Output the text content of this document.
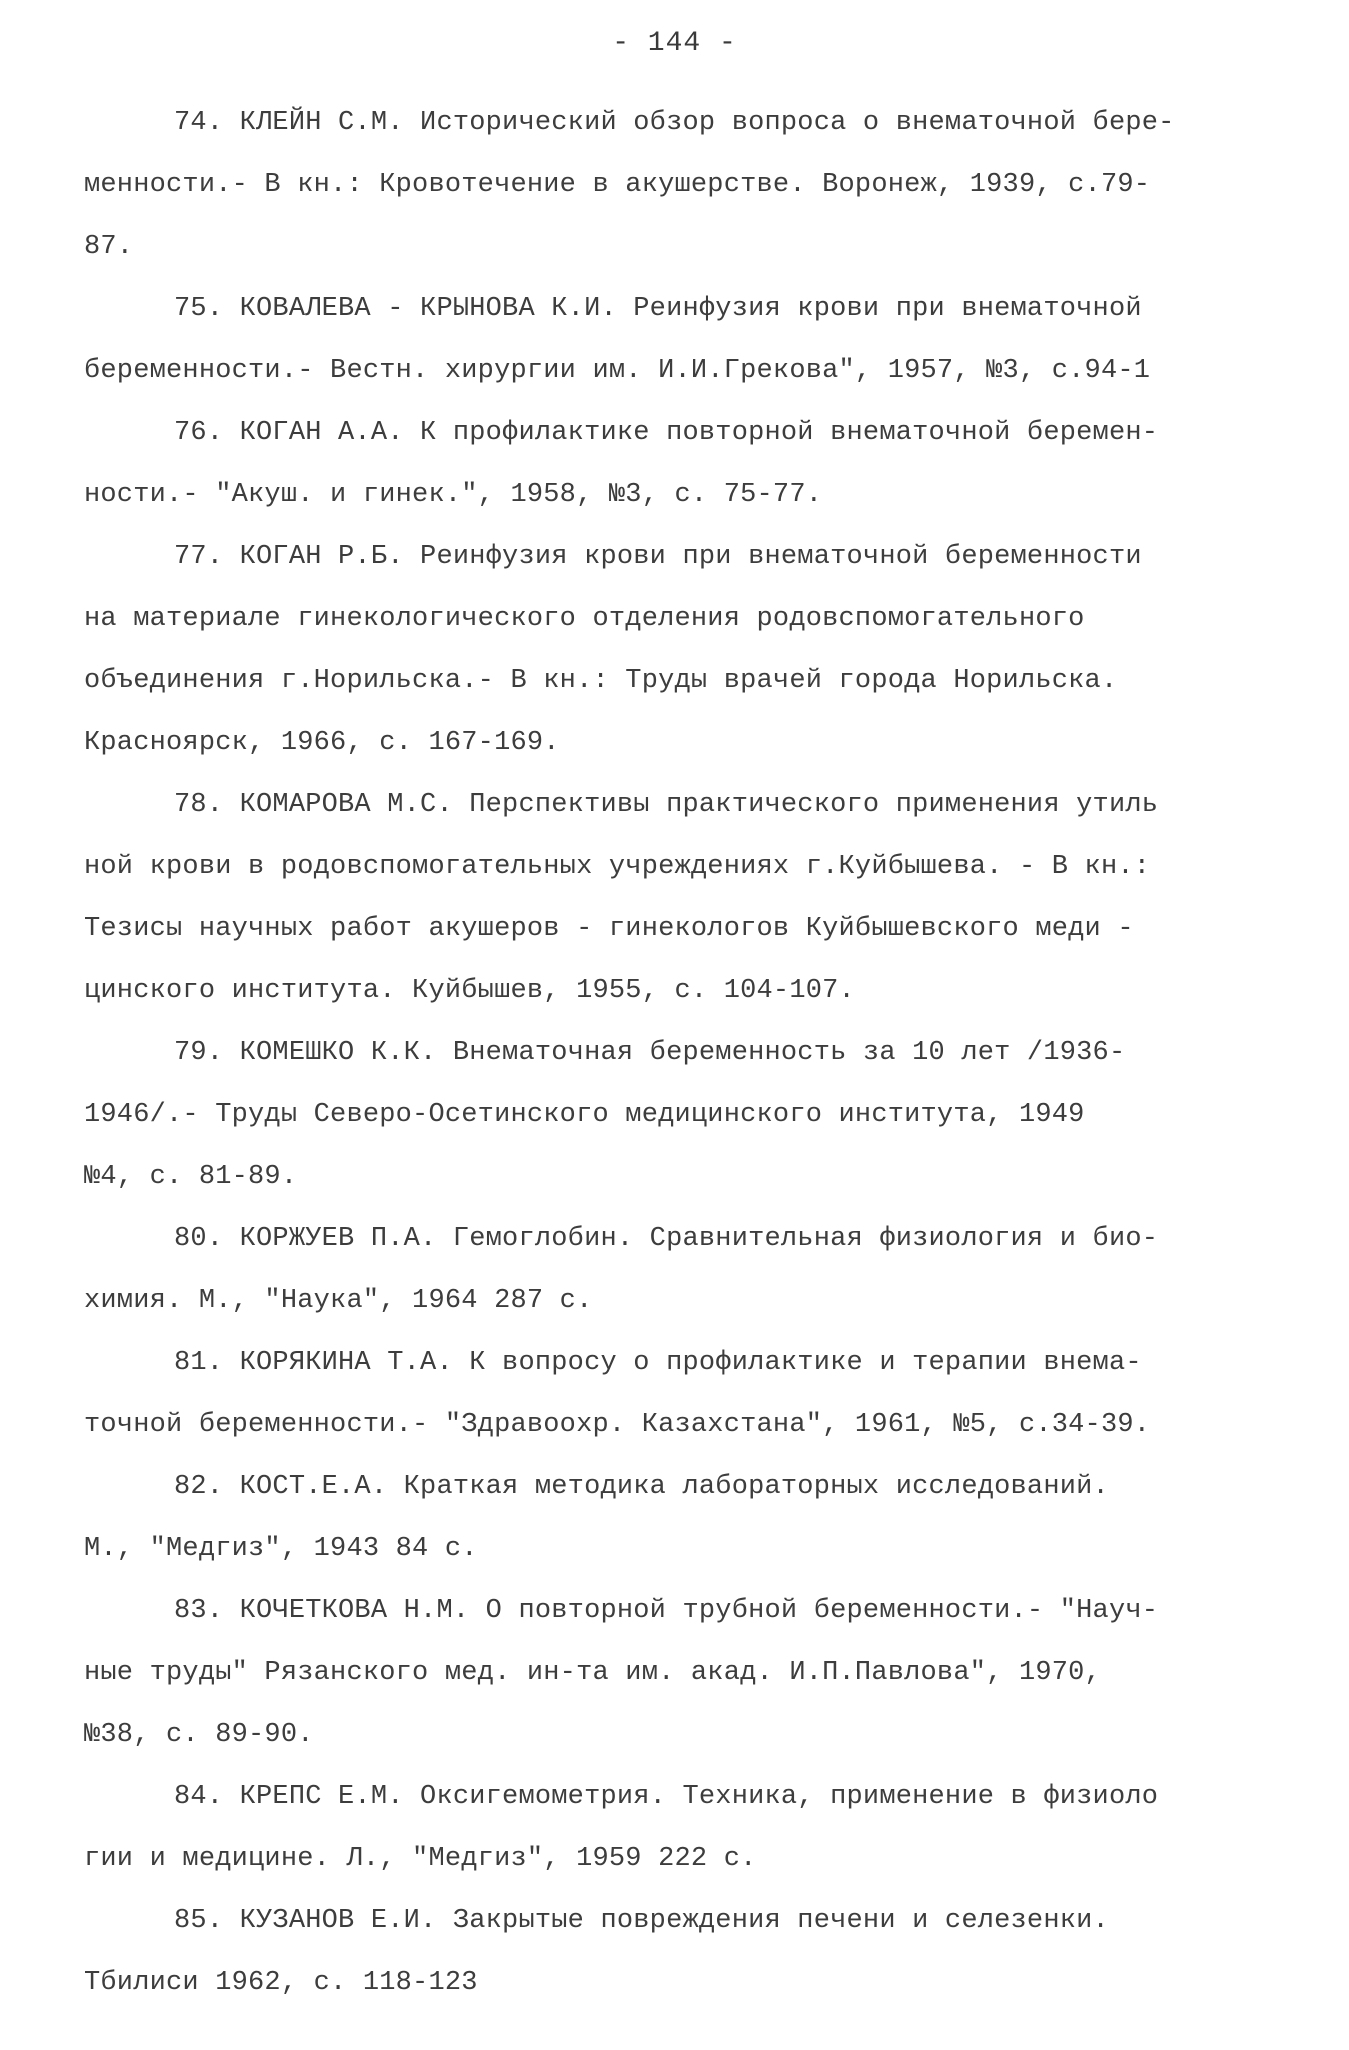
- 144 -
74. КЛЕЙН С.М. Исторический обзор вопроса о внематочной бере-
менности.- В кн.: Кровотечение в акушерстве. Воронеж, 1939, с.79-
87.
75. КОВАЛЕВА - КРЫНОВА К.И. Реинфузия крови при внематочной
беременности.- Вестн. хирургии им. И.И.Грекова", 1957, №3, с.94-1
76. КОГАН А.А. К профилактике повторной внематочной беремен-
ности.- "Акуш. и гинек.", 1958, №3, с. 75-77.
77. КОГАН Р.Б. Реинфузия крови при внематочной беременности
на материале гинекологического отделения родовспомогательного
объединения г.Норильска.- В кн.: Труды врачей города Норильска.
Красноярск, 1966, с. 167-169.
78. КОМАРОВА М.С. Перспективы практического применения утиль
ной крови в родовспомогательных учреждениях г.Куйбышева. - В кн.:
Тезисы научных работ акушеров - гинекологов Куйбышевского меди -
цинского института. Куйбышев, 1955, с. 104-107.
79. КОМЕШКО К.К. Внематочная беременность за 10 лет /1936-
1946/.- Труды Северо-Осетинского медицинского института, 1949
№4, с. 81-89.
80. КОРЖУЕВ П.А. Гемоглобин. Сравнительная физиология и био-
химия. М., "Наука", 1964 287 с.
81. КОРЯКИНА Т.А. К вопросу о профилактике и терапии внема-
точной беременности.- "Здравоохр. Казахстана", 1961, №5, с.34-39.
82. КОСТ.Е.А. Краткая методика лабораторных исследований.
М., "Медгиз", 1943 84 с.
83. КОЧЕТКОВА Н.М. О повторной трубной беременности.- "Науч-
ные труды" Рязанского мед. ин-та им. акад. И.П.Павлова", 1970,
№38, с. 89-90.
84. КРЕПС Е.М. Оксигемометрия. Техника, применение в физиоло
гии и медицине. Л., "Медгиз", 1959 222 с.
85. КУЗАНОВ Е.И. Закрытые повреждения печени и селезенки.
Тбилиси 1962, с. 118-123
